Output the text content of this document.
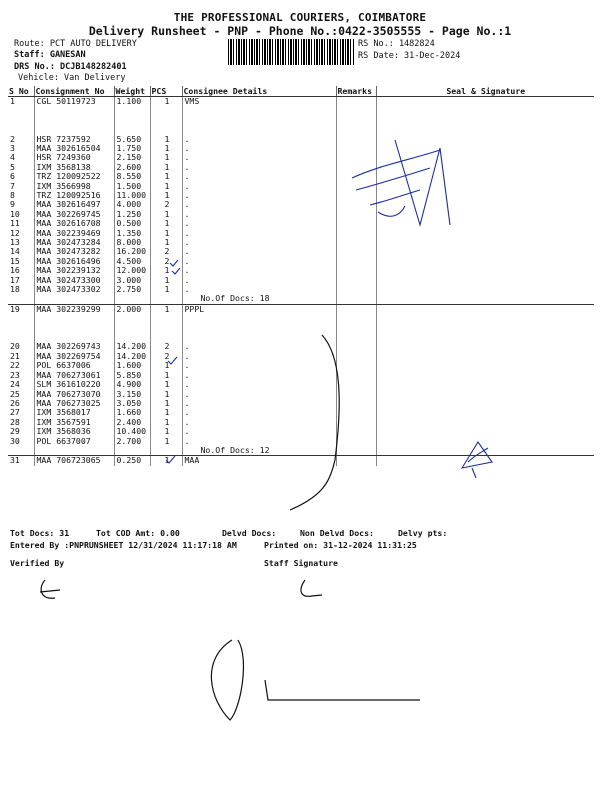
THE PROFESSIONAL COURIERS, COIMBATORE
Delivery Runsheet - PNP - Phone No.:0422-3505555 - Page No.:1
Route: PCT AUTO DELIVERY
Staff: GANESAN
DRS No.: DCJB148282401
Vehicle: Van Delivery
RS No.: 1482824
RS Date: 31-Dec-2024
S No	Consignment No	Weight	PCS	Consignee Details	Remarks	Seal & Signature
1	CGL 50119723	1.100	1	VMS		

2	HSR 7237592	5.650	1	.		
3	MAA 302616504	1.750	1	.		
4	HSR 7249360	2.150	1	.		
5	IXM 3568138	2.600	1	.		
6	TRZ 120092522	8.550	1	.		
7	IXM 3566998	1.500	1	.		
8	TRZ 120092516	11.000	1	.		
9	MAA 302616497	4.000	2	.		
10	MAA 302269745	1.250	1	.		
11	MAA 302616708	0.500	1	.		
12	MAA 302239469	1.350	1	.		
13	MAA 302473284	8.000	1	.		
14	MAA 302473282	16.200	2	.		
15	MAA 302616496	4.500	2	.		
16	MAA 302239132	12.000	1	.		
17	MAA 302473300	3.000	1	.		
18	MAA 302473302	2.750	1	.		
				No.Of Docs: 18		
19	MAA 302239299	2.000	1	PPPL		

20	MAA 302269743	14.200	2	.		
21	MAA 302269754	14.200	2	.		
22	POL 6637006	1.600	1	.		
23	MAA 706273061	5.850	1	.		
24	SLM 361610220	4.900	1	.		
25	MAA 706273070	3.150	1	.		
26	MAA 706273025	3.050	1	.		
27	IXM 3568017	1.660	1	.		
28	IXM 3567591	2.400	1	.		
29	IXM 3568036	10.400	1	.		
30	POL 6637007	2.700	1	.		
				No.Of Docs: 12		
31	MAA 706723065	0.250	1	MAA		
Tot Docs: 31	Tot COD Amt: 0.00	Delvd Docs:	Non Delvd Docs:	Delvy pts:
Entered By :PNPRUNSHEET 12/31/2024 11:17:18 AM	Printed on: 31-12-2024 11:31:25
Verified By	Staff Signature
